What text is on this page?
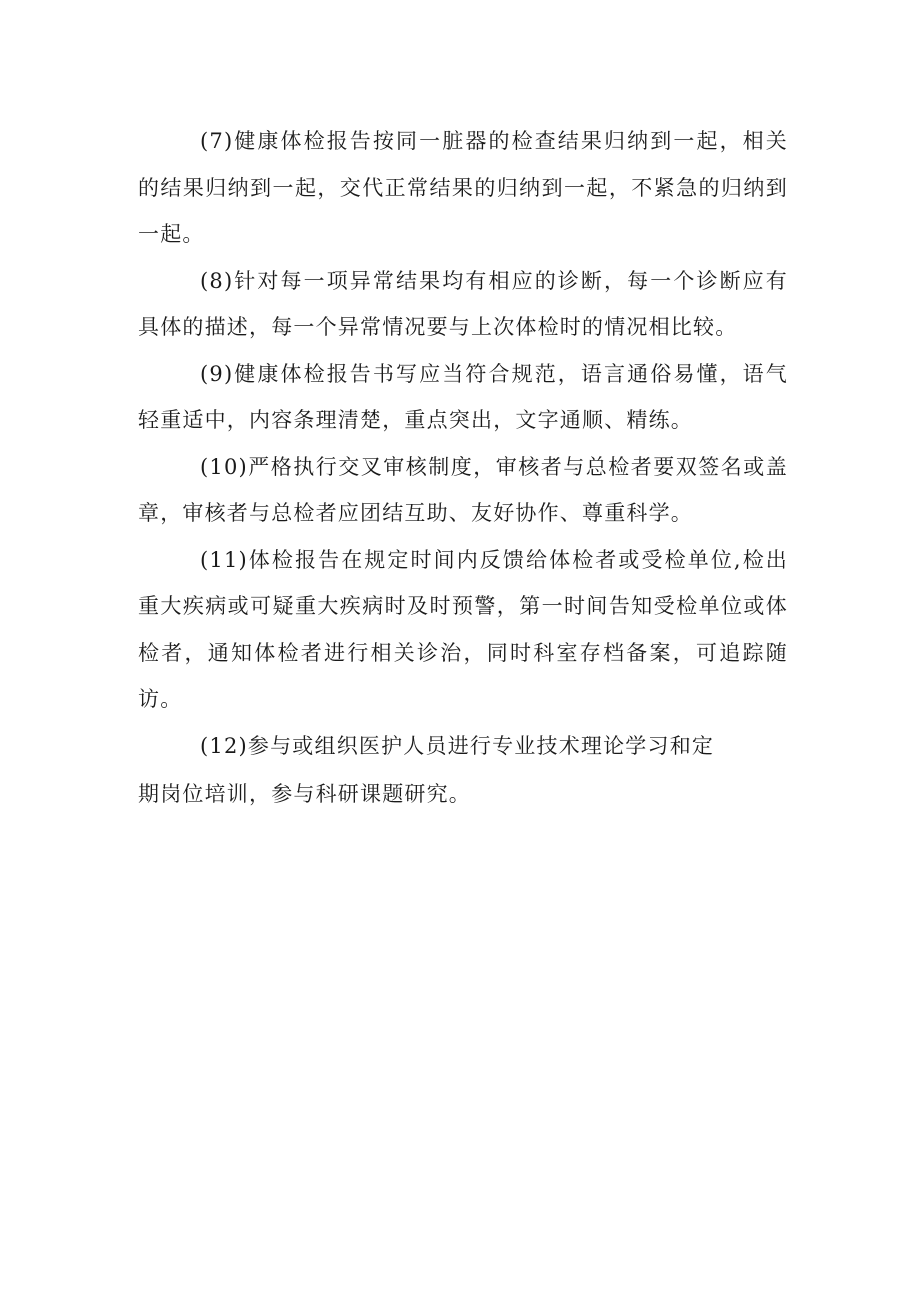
(7)健康体检报告按同一脏器的检查结果归纳到一起，相关的结果归纳到一起，交代正常结果的归纳到一起，不紧急的归纳到一起。

(8)针对每一项异常结果均有相应的诊断，每一个诊断应有具体的描述，每一个异常情况要与上次体检时的情况相比较。

(9)健康体检报告书写应当符合规范，语言通俗易懂，语气轻重适中，内容条理清楚，重点突出，文字通顺、精练。

(10)严格执行交叉审核制度，审核者与总检者要双签名或盖章，审核者与总检者应团结互助、友好协作、尊重科学。

(11)体检报告在规定时间内反馈给体检者或受检单位,检出重大疾病或可疑重大疾病时及时预警，第一时间告知受检单位或体检者，通知体检者进行相关诊治，同时科室存档备案，可追踪随访。

(12)参与或组织医护人员进行专业技术理论学习和定

期岗位培训，参与科研课题研究。
